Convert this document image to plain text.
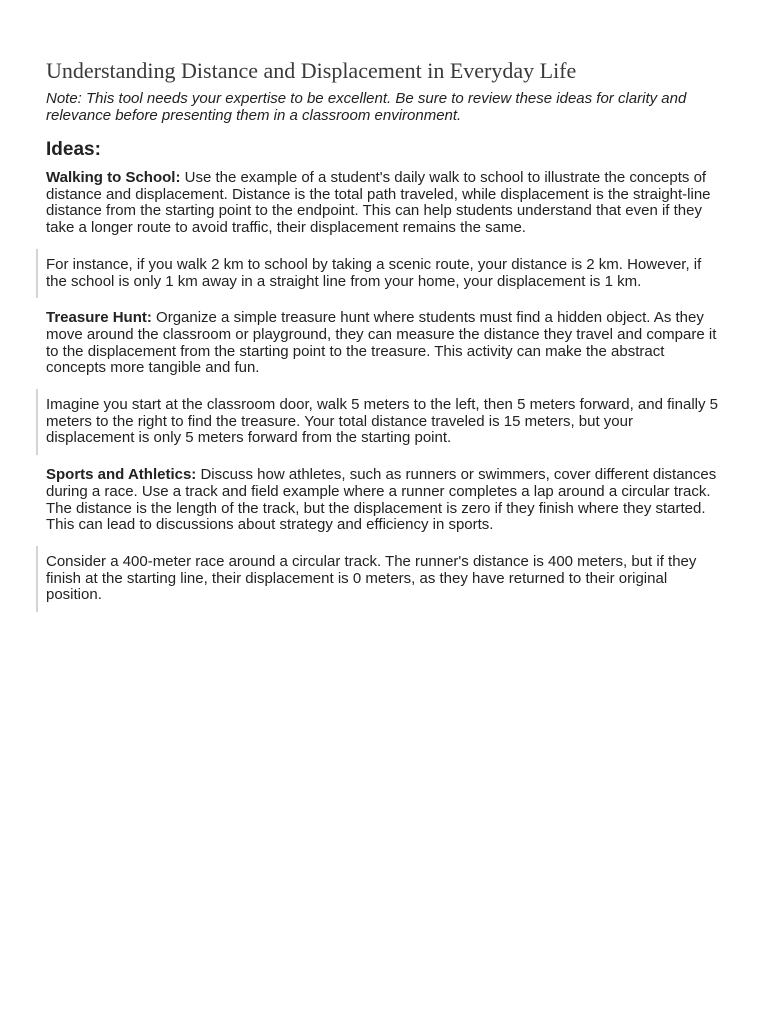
Understanding Distance and Displacement in Everyday Life

Note: This tool needs your expertise to be excellent. Be sure to review these ideas for clarity and relevance before presenting them in a classroom environment.

Ideas:

Walking to School: Use the example of a student's daily walk to school to illustrate the concepts of distance and displacement. Distance is the total path traveled, while displacement is the straight-line distance from the starting point to the endpoint. This can help students understand that even if they take a longer route to avoid traffic, their displacement remains the same.

For instance, if you walk 2 km to school by taking a scenic route, your distance is 2 km. However, if the school is only 1 km away in a straight line from your home, your displacement is 1 km.

Treasure Hunt: Organize a simple treasure hunt where students must find a hidden object. As they move around the classroom or playground, they can measure the distance they travel and compare it to the displacement from the starting point to the treasure. This activity can make the abstract concepts more tangible and fun.

Imagine you start at the classroom door, walk 5 meters to the left, then 5 meters forward, and finally 5 meters to the right to find the treasure. Your total distance traveled is 15 meters, but your displacement is only 5 meters forward from the starting point.

Sports and Athletics: Discuss how athletes, such as runners or swimmers, cover different distances during a race. Use a track and field example where a runner completes a lap around a circular track. The distance is the length of the track, but the displacement is zero if they finish where they started. This can lead to discussions about strategy and efficiency in sports.

Consider a 400-meter race around a circular track. The runner's distance is 400 meters, but if they finish at the starting line, their displacement is 0 meters, as they have returned to their original position.
